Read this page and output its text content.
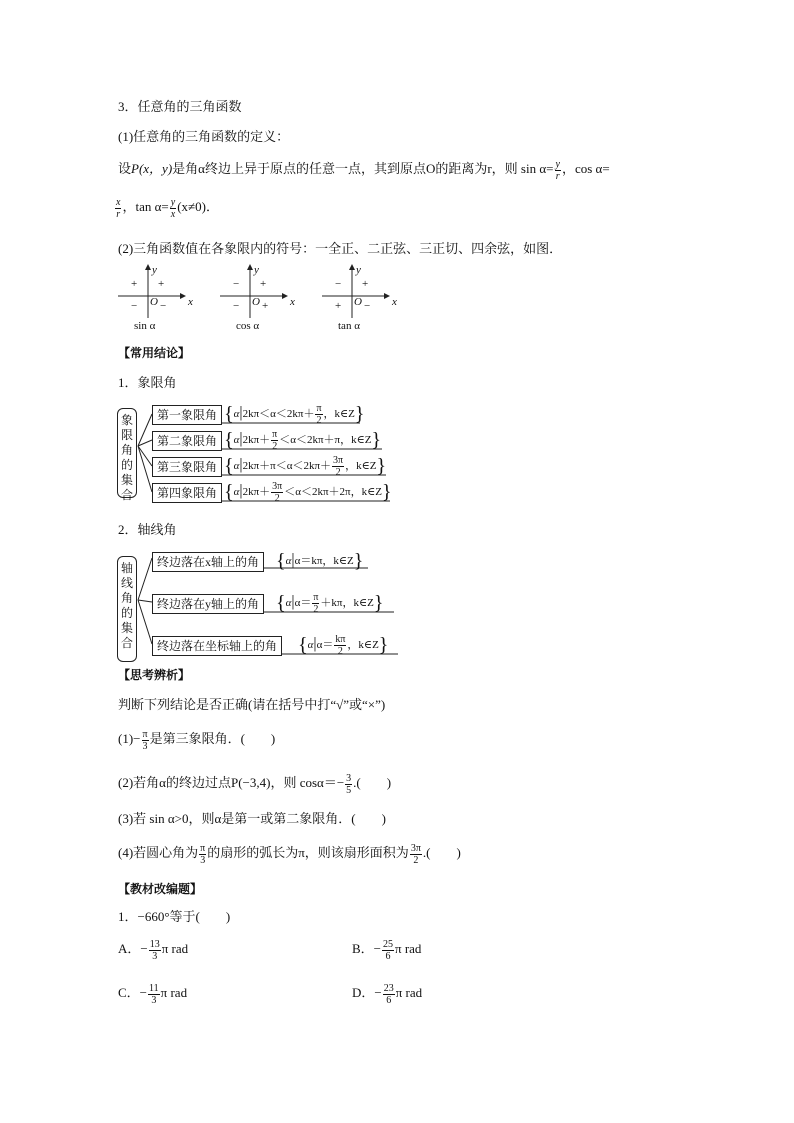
3．任意角的三角函数
(1)任意角的三角函数的定义：
设P(x，y)是角α终边上异于原点的任意一点，其到原点O的距离为r，则 $\sin \alpha= \frac{y}{r}$ ，cos α=
$\frac{x}{r}$ ，$\tan \alpha= \frac{y}{x} (x\ne 0)$．
(2)三角函数值在各象限内的符号：一全正、二正弦、三正切、四余弦，如图．
+ +
− −
O	x
y
sin α
− +
− +
O	x
y
cos α
− +
+ −
O	x
y
tan α
【常用结论】
1．象限角
象
限
角
的
集
合
第一象限角 {$\alpha|2k\pi<\alpha<2k\pi+ \frac{\pi}{2}$ ，k∈Z}
第二象限角 {$\alpha|2k\pi+ \frac{\pi}{2} <\alpha<2k\pi+\pi$，k∈Z}
第三象限角 {$\alpha|2k\pi+\pi<\alpha<2k\pi+ \frac{3\pi}{2}$ ，k∈Z}
第四象限角 {$\alpha|2k\pi+ \frac{3\pi}{2} <\alpha<2k\pi+2\pi$，k∈Z}
2．轴线角
轴
线
角
的
集
合
终边落在x轴上的角 {α|α＝kπ，k∈Z}
终边落在y轴上的角 {$\alpha|\alpha= \frac{\pi}{2} +k\pi$，k∈Z}
终边落在坐标轴上的角 {$\alpha|\alpha= \frac{k\pi}{2}$ ，k∈Z}
【思考辨析】
判断下列结论是否正确(请在括号中打“√”或“×”)
$(1)- \frac{\pi}{3}$ 是第三象限角．(　　)
(2)若角α的终边过点P(−3,4)，则 $\cos\alpha=- \frac{3}{5}$ .(　　)
(3)若 sin α>0，则α是第一或第二象限角．(　　)
(4)若圆心角为 $\frac{\pi}{3}$ 的扇形的弧长为π，则该扇形面积为 $\frac{3\pi}{2}$ .(　　)
【教材改编题】
1．−660°等于(　　)
A．− $\frac{13}{3}$ π rad	B．− $\frac{25}{6}$ π rad
C．− $\frac{11}{3}$ π rad	D．− $\frac{23}{6}$ π rad
